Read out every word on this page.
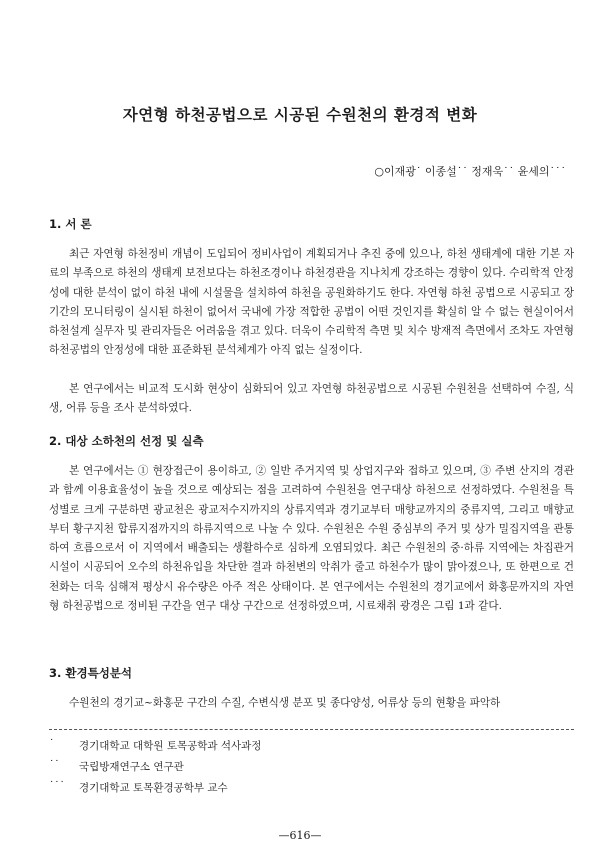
자연형 하천공법으로 시공된 수원천의 환경적 변화
○이재광˙ 이종설˙˙ 정재욱˙˙ 윤세의˙˙˙
1. 서 론

최근 자연형 하천정비 개념이 도입되어 정비사업이 계획되거나 추진 중에 있으나, 하천 생태계에 대한 기본 자료의 부족으로 하천의 생태계 보전보다는 하천조경이나 하천경관을 지나치게 강조하는 경향이 있다. 수리학적 안정성에 대한 분석이 없이 하천 내에 시설물을 설치하여 하천을 공원화하기도 한다. 자연형 하천 공법으로 시공되고 장기간의 모니터링이 실시된 하천이 없어서 국내에 가장 적합한 공법이 어떤 것인지를 확실히 알 수 없는 현실이어서 하천설계 실무자 및 관리자들은 어려움을 겪고 있다. 더욱이 수리학적 측면 및 치수 방재적 측면에서 조차도 자연형 하천공법의 안정성에 대한 표준화된 분석체계가 아직 없는 실정이다.

본 연구에서는 비교적 도시화 현상이 심화되어 있고 자연형 하천공법으로 시공된 수원천을 선택하여 수질, 식생, 어류 등을 조사 분석하였다.

2. 대상 소하천의 선정 및 실측

본 연구에서는 ① 현장접근이 용이하고, ② 일반 주거지역 및 상업지구와 접하고 있으며, ③ 주변 산지의 경관과 함께 이용효율성이 높을 것으로 예상되는 점을 고려하여 수원천을 연구대상 하천으로 선정하였다. 수원천을 특성별로 크게 구분하면 광교천은 광교저수지까지의 상류지역과 경기교부터 매향교까지의 중류지역, 그리고 매향교부터 황구지천 합류지점까지의 하류지역으로 나눌 수 있다. 수원천은 수원 중심부의 주거 및 상가 밀집지역을 관통하여 흐름으로서 이 지역에서 배출되는 생활하수로 심하게 오염되었다. 최근 수원천의 중·하류 지역에는 차집관거 시설이 시공되어 오수의 하천유입을 차단한 결과 하천변의 악취가 줄고 하천수가 많이 맑아졌으나, 또 한편으로 건천화는 더욱 심해져 평상시 유수량은 아주 적은 상태이다. 본 연구에서는 수원천의 경기교에서 화홍문까지의 자연형 하천공법으로 정비된 구간을 연구 대상 구간으로 선정하였으며, 시료채취 광경은 그림 1과 같다.

3. 환경특성분석

수원천의 경기교~화홍문 구간의 수질, 수변식생 분포 및 종다양성, 어류상 등의 현황을 파악하

˙	경기대학교 대학원 토목공학과 석사과정
˙˙	국립방재연구소 연구관
˙˙˙	경기대학교 토목환경공학부 교수
—616—
